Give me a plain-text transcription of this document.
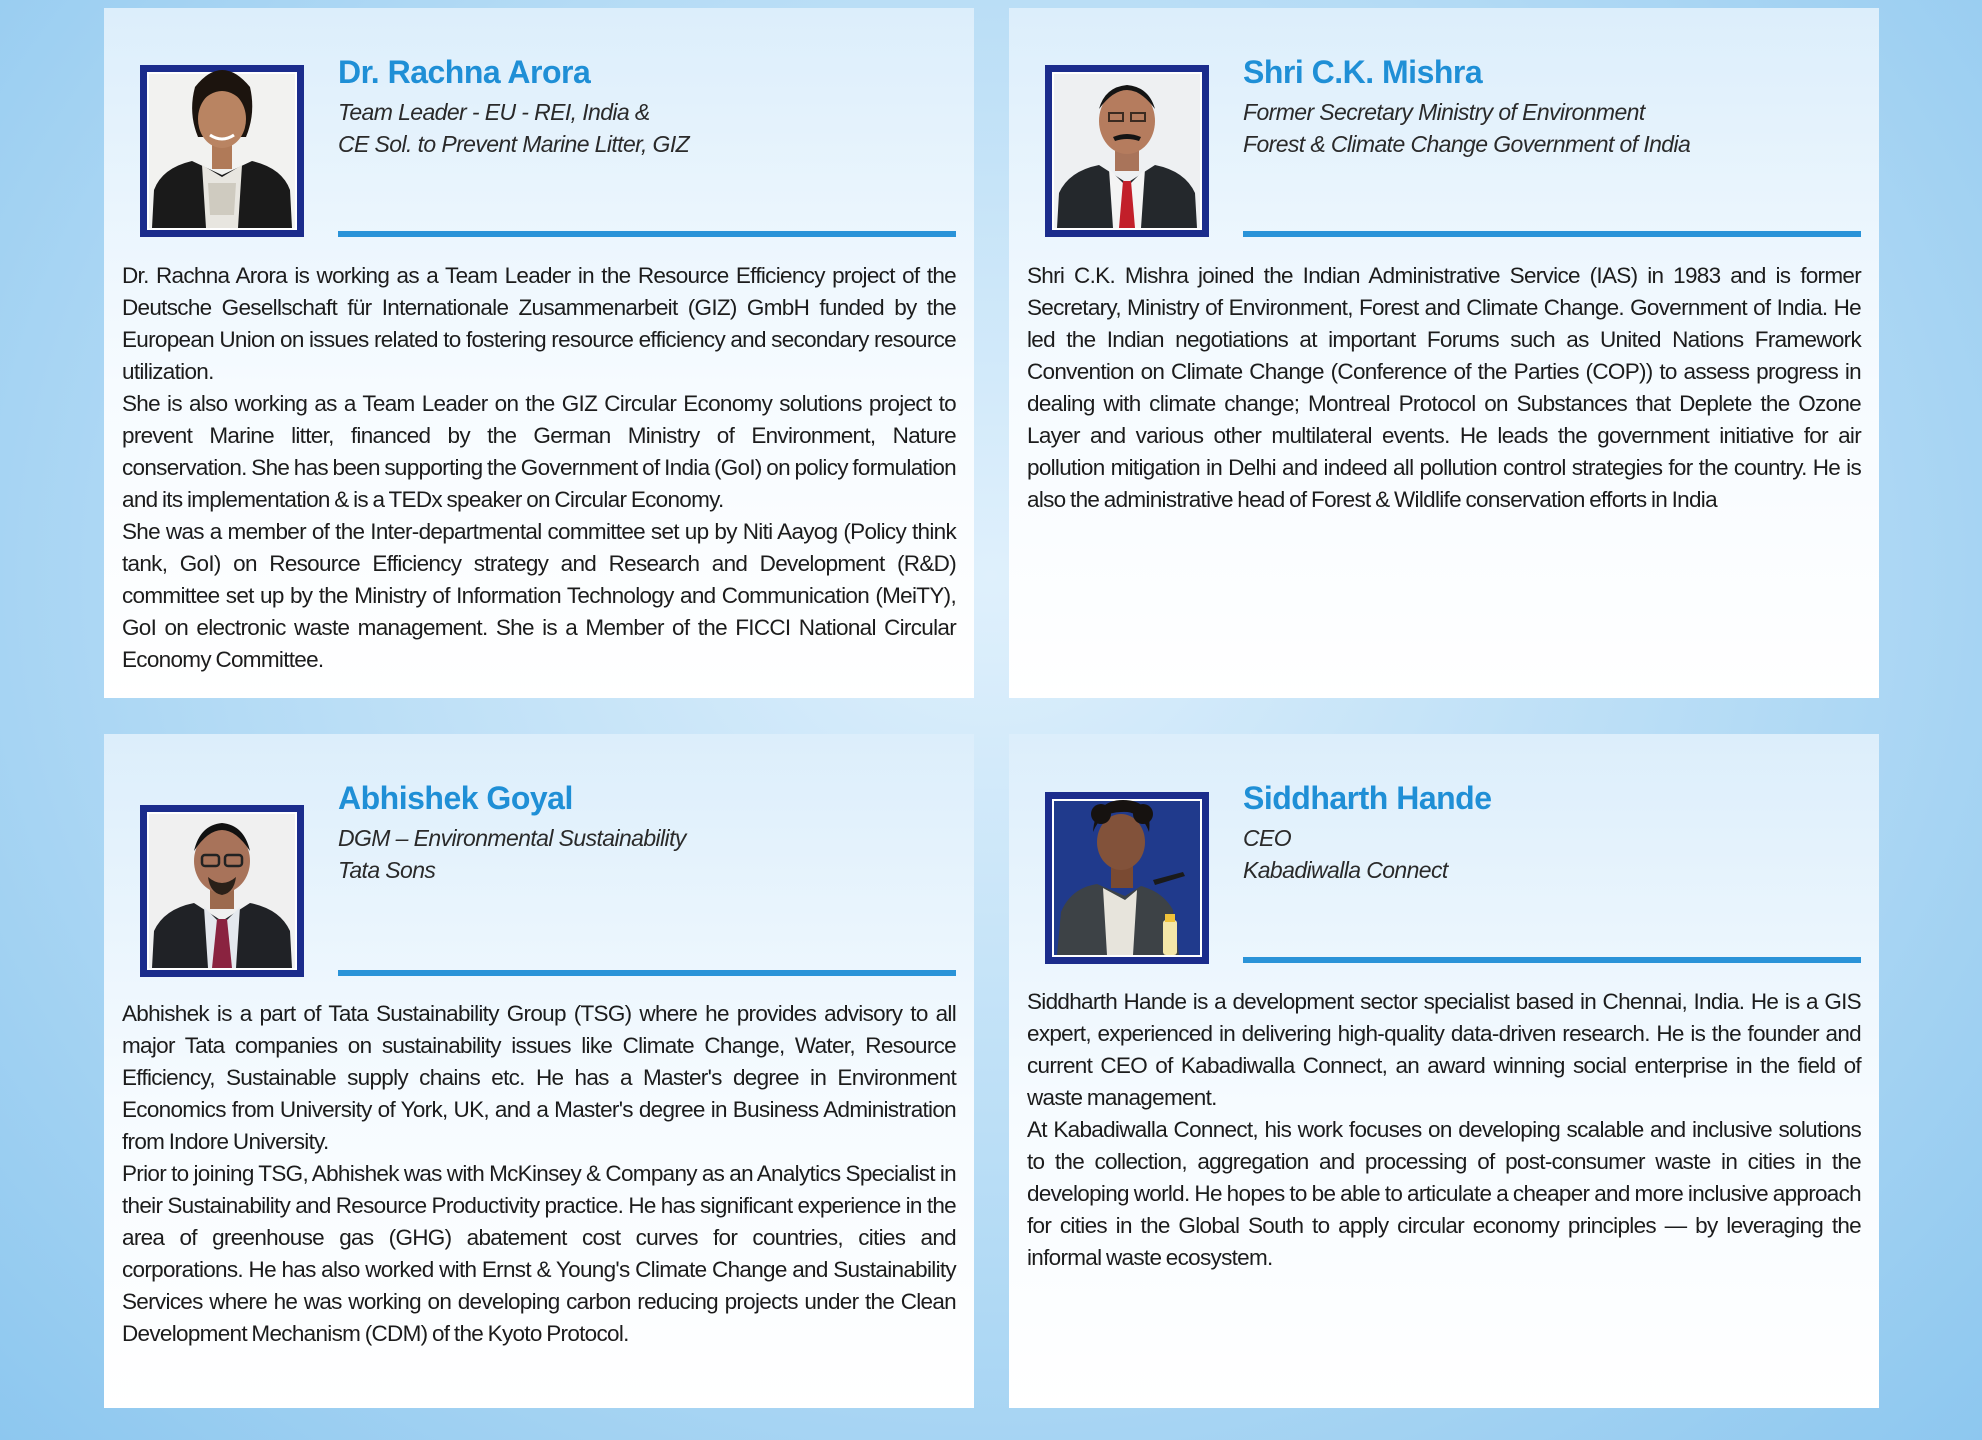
Dr. Rachna Arora
Team Leader - EU - REI, India &
CE Sol. to Prevent Marine Litter, GIZ

Dr. Rachna Arora is working as a Team Leader in the Resource Efficiency project of the Deutsche Gesellschaft für Internationale Zusammenarbeit (GIZ) GmbH funded by the European Union on issues related to fostering resource efficiency and secondary resource utilization.

She is also working as a Team Leader on the GIZ Circular Economy solutions project to prevent Marine litter, financed by the German Ministry of Environment, Nature conservation. She has been supporting the Government of India (GoI) on policy formulation and its implementation & is a TEDx speaker on Circular Economy.

She was a member of the Inter-departmental committee set up by Niti Aayog (Policy think tank, GoI) on Resource Efficiency strategy and Research and Development (R&D) committee set up by the Ministry of Information Technology and Communication (MeiTY), GoI on electronic waste management. She is a Member of the FICCI National Circular Economy Committee.

Shri C.K. Mishra
Former Secretary Ministry of Environment
Forest & Climate Change Government of India

Shri C.K. Mishra joined the Indian Administrative Service (IAS) in 1983 and is former Secretary, Ministry of Environment, Forest and Climate Change. Government of India. He led the Indian negotiations at important Forums such as United Nations Framework Convention on Climate Change (Conference of the Parties (COP)) to assess progress in dealing with climate change; Montreal Protocol on Substances that Deplete the Ozone Layer and various other multilateral events. He leads the government initiative for air pollution mitigation in Delhi and indeed all pollution control strategies for the country. He is also the administrative head of Forest & Wildlife conservation efforts in India

Abhishek Goyal
DGM – Environmental Sustainability
Tata Sons

Abhishek is a part of Tata Sustainability Group (TSG) where he provides advisory to all major Tata companies on sustainability issues like Climate Change, Water, Resource Efficiency, Sustainable supply chains etc. He has a Master's degree in Environment Economics from University of York, UK, and a Master's degree in Business Administration from Indore University.

Prior to joining TSG, Abhishek was with McKinsey & Company as an Analytics Specialist in their Sustainability and Resource Productivity practice. He has significant experience in the area of greenhouse gas (GHG) abatement cost curves for countries, cities and corporations. He has also worked with Ernst & Young's Climate Change and Sustainability Services where he was working on developing carbon reducing projects under the Clean Development Mechanism (CDM) of the Kyoto Protocol.

Siddharth Hande
CEO
Kabadiwalla Connect

Siddharth Hande is a development sector specialist based in Chennai, India. He is a GIS expert, experienced in delivering high-quality data-driven research. He is the founder and current CEO of Kabadiwalla Connect, an award winning social enterprise in the field of waste management.

At Kabadiwalla Connect, his work focuses on developing scalable and inclusive solutions to the collection, aggregation and processing of post-consumer waste in cities in the developing world. He hopes to be able to articulate a cheaper and more inclusive approach for cities in the Global South to apply circular economy principles — by leveraging the informal waste ecosystem.
